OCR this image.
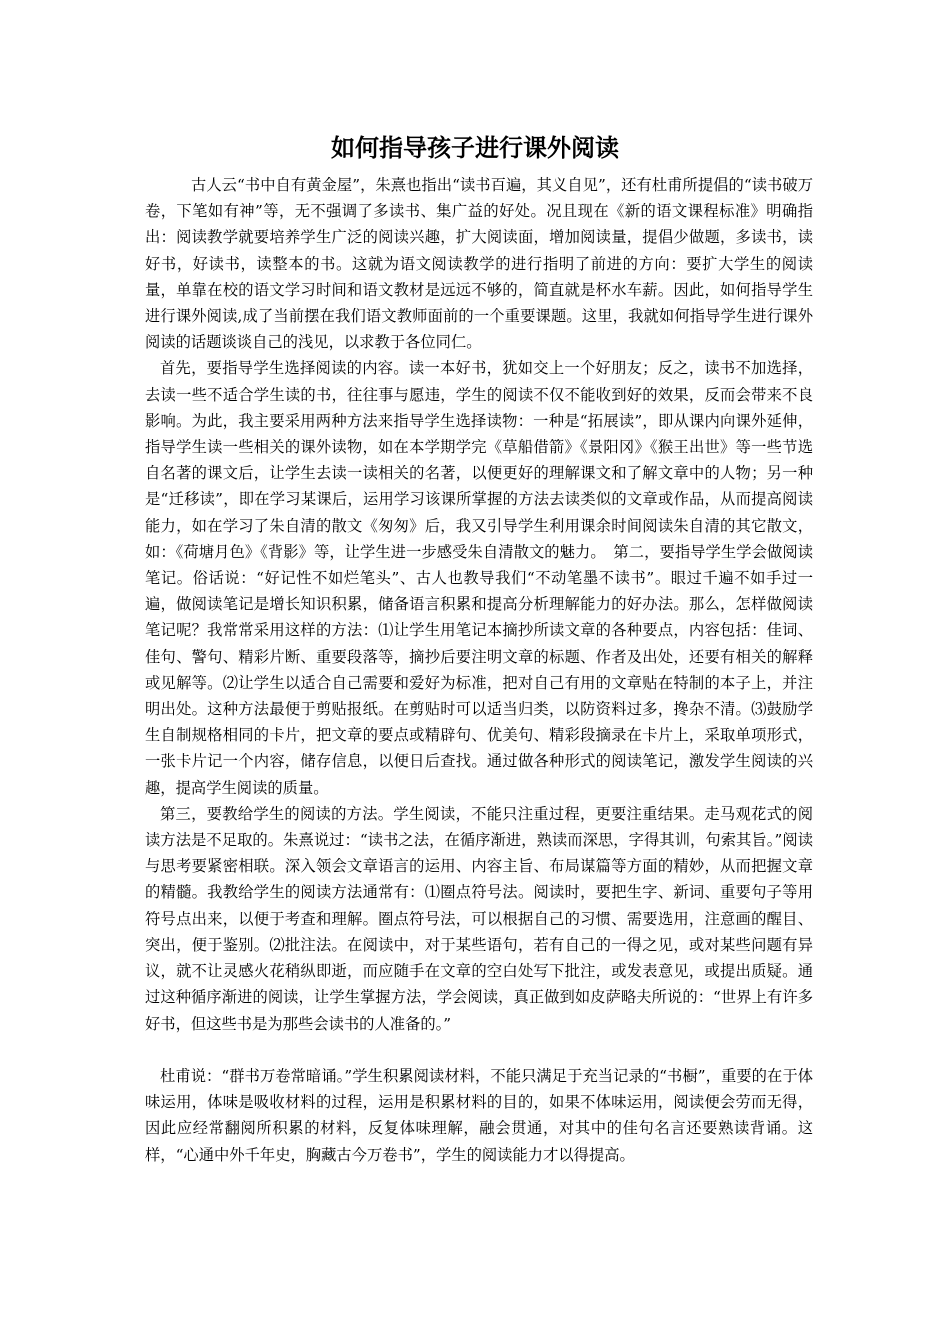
如何指导孩子进行课外阅读

古人云“书中自有黄金屋”，朱熹也指出“读书百遍，其义自见”，还有杜甫所提倡的“读书破万卷，下笔如有神”等，无不强调了多读书、集广益的好处。况且现在《新的语文课程标准》明确指出：阅读教学就要培养学生广泛的阅读兴趣，扩大阅读面，增加阅读量，提倡少做题，多读书，读好书，好读书，读整本的书。这就为语文阅读教学的进行指明了前进的方向：要扩大学生的阅读量，单靠在校的语文学习时间和语文教材是远远不够的，简直就是杯水车薪。因此，如何指导学生进行课外阅读,成了当前摆在我们语文教师面前的一个重要课题。这里，我就如何指导学生进行课外阅读的话题谈谈自己的浅见，以求教于各位同仁。

首先，要指导学生选择阅读的内容。读一本好书，犹如交上一个好朋友；反之，读书不加选择，去读一些不适合学生读的书，往往事与愿违，学生的阅读不仅不能收到好的效果，反而会带来不良影响。为此，我主要采用两种方法来指导学生选择读物：一种是“拓展读”，即从课内向课外延伸，指导学生读一些相关的课外读物，如在本学期学完《草船借箭》《景阳冈》《猴王出世》等一些节选自名著的课文后，让学生去读一读相关的名著，以便更好的理解课文和了解文章中的人物；另一种是“迁移读”，即在学习某课后，运用学习该课所掌握的方法去读类似的文章或作品，从而提高阅读能力，如在学习了朱自清的散文《匆匆》后，我又引导学生利用课余时间阅读朱自清的其它散文，如：《荷塘月色》《背影》等，让学生进一步感受朱自清散文的魅力。　第二，要指导学生学会做阅读笔记。俗话说：“好记性不如烂笔头”、古人也教导我们“不动笔墨不读书”。眼过千遍不如手过一遍，做阅读笔记是增长知识积累，储备语言积累和提高分析理解能力的好办法。那么，怎样做阅读笔记呢？我常常采用这样的方法：⑴让学生用笔记本摘抄所读文章的各种要点，内容包括：佳词、佳句、警句、精彩片断、重要段落等，摘抄后要注明文章的标题、作者及出处，还要有相关的解释或见解等。⑵让学生以适合自己需要和爱好为标准，把对自己有用的文章贴在特制的本子上，并注明出处。这种方法最便于剪贴报纸。在剪贴时可以适当归类，以防资料过多，搀杂不清。⑶鼓励学生自制规格相同的卡片，把文章的要点或精辟句、优美句、精彩段摘录在卡片上，采取单项形式，一张卡片记一个内容，储存信息，以便日后查找。通过做各种形式的阅读笔记，激发学生阅读的兴趣，提高学生阅读的质量。

第三，要教给学生的阅读的方法。学生阅读，不能只注重过程，更要注重结果。走马观花式的阅读方法是不足取的。朱熹说过：“读书之法，在循序渐进，熟读而深思，字得其训，句索其旨。”阅读与思考要紧密相联。深入领会文章语言的运用、内容主旨、布局谋篇等方面的精妙，从而把握文章的精髓。我教给学生的阅读方法通常有：⑴圈点符号法。阅读时，要把生字、新词、重要句子等用符号点出来，以便于考查和理解。圈点符号法，可以根据自己的习惯、需要选用，注意画的醒目、突出，便于鉴别。⑵批注法。在阅读中，对于某些语句，若有自己的一得之见，或对某些问题有异议，就不让灵感火花稍纵即逝，而应随手在文章的空白处写下批注，或发表意见，或提出质疑。通过这种循序渐进的阅读，让学生掌握方法，学会阅读，真正做到如皮萨略夫所说的：“世界上有许多好书，但这些书是为那些会读书的人准备的。”

杜甫说：“群书万卷常暗诵。”学生积累阅读材料，不能只满足于充当记录的“书橱”，重要的在于体味运用，体味是吸收材料的过程，运用是积累材料的目的，如果不体味运用，阅读便会劳而无得，因此应经常翻阅所积累的材料，反复体味理解，融会贯通，对其中的佳句名言还要熟读背诵。这样，“心通中外千年史，胸藏古今万卷书”，学生的阅读能力才以得提高。
